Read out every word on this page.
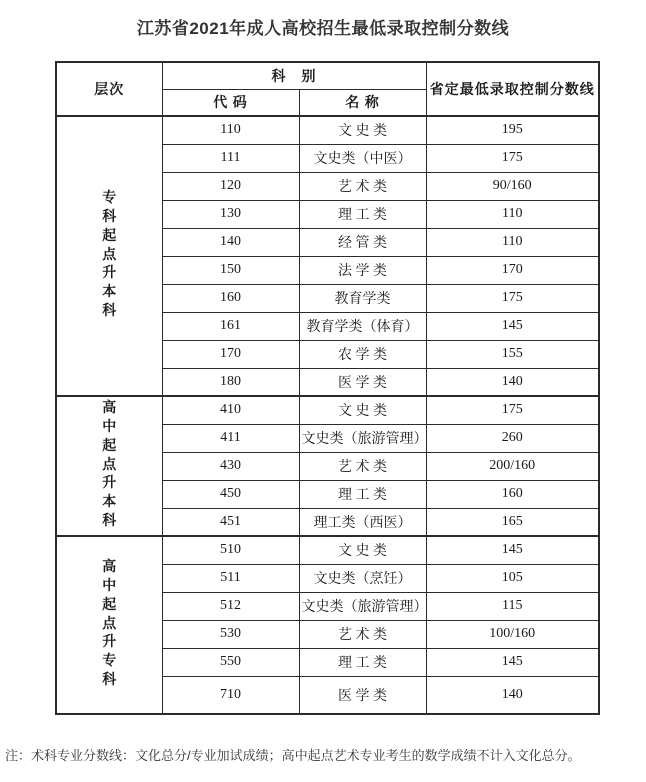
江苏省2021年成人高校招生最低录取控制分数线
层次	科　别		省定最低录取控制分数线
	代 码	名 称	

专科起点升本科	110	文 史 类	195
	111	文史类（中医）	175
	120	艺 术 类	90/160
	130	理 工 类	110
	140	经 管 类	110
	150	法 学 类	170
	160	教育学类	175
	161	教育学类（体育）	145
	170	农 学 类	155
	180	医 学 类	140

高中起点升本科	410	文 史 类	175
	411	文史类（旅游管理）	260
	430	艺 术 类	200/160
	450	理 工 类	160
	451	理工类（西医）	165

高中起点升专科	510	文 史 类	145
	511	文史类（烹饪）	105
	512	文史类（旅游管理）	115
	530	艺 术 类	100/160
	550	理 工 类	145
	710	医 学 类	140
注：术科专业分数线：文化总分/专业加试成绩；高中起点艺术专业考生的数学成绩不计入文化总分。
